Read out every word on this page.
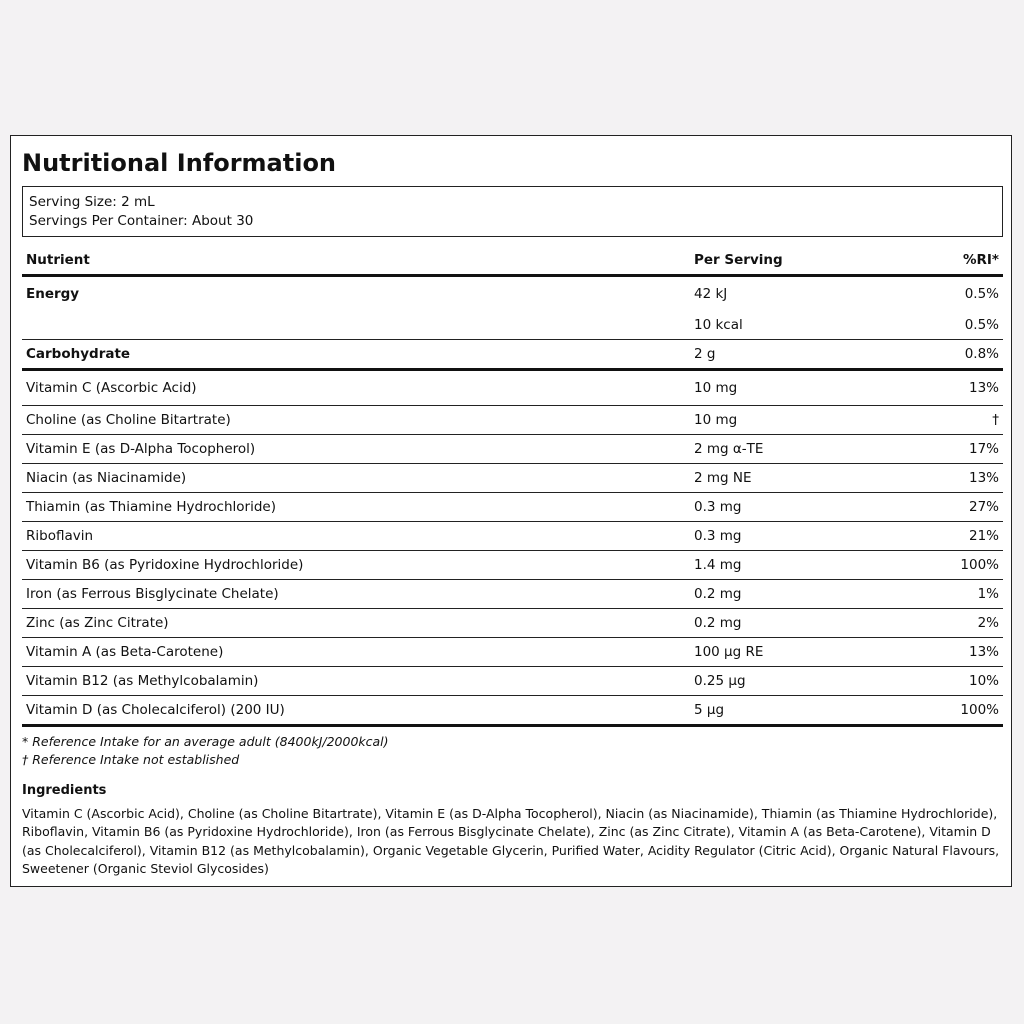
Nutritional Information
Serving Size: 2 mL
Servings Per Container: About 30
Nutrient	Per Serving	%RI*
Energy	42 kJ	0.5%
	10 kcal	0.5%
Carbohydrate	2 g	0.8%
Vitamin C (Ascorbic Acid)	10 mg	13%
Choline (as Choline Bitartrate)	10 mg	†
Vitamin E (as D-Alpha Tocopherol)	2 mg α-TE	17%
Niacin (as Niacinamide)	2 mg NE	13%
Thiamin (as Thiamine Hydrochloride)	0.3 mg	27%
Riboflavin	0.3 mg	21%
Vitamin B6 (as Pyridoxine Hydrochloride)	1.4 mg	100%
Iron (as Ferrous Bisglycinate Chelate)	0.2 mg	1%
Zinc (as Zinc Citrate)	0.2 mg	2%
Vitamin A (as Beta-Carotene)	100 µg RE	13%
Vitamin B12 (as Methylcobalamin)	0.25 µg	10%
Vitamin D (as Cholecalciferol) (200 IU)	5 µg	100%
* Reference Intake for an average adult (8400kJ/2000kcal)
† Reference Intake not established
Ingredients
Vitamin C (Ascorbic Acid), Choline (as Choline Bitartrate), Vitamin E (as D-Alpha Tocopherol), Niacin (as Niacinamide), Thiamin (as Thiamine Hydrochloride), Riboflavin, Vitamin B6 (as Pyridoxine Hydrochloride), Iron (as Ferrous Bisglycinate Chelate), Zinc (as Zinc Citrate), Vitamin A (as Beta-Carotene), Vitamin D (as Cholecalciferol), Vitamin B12 (as Methylcobalamin), Organic Vegetable Glycerin, Purified Water, Acidity Regulator (Citric Acid), Organic Natural Flavours, Sweetener (Organic Steviol Glycosides)
